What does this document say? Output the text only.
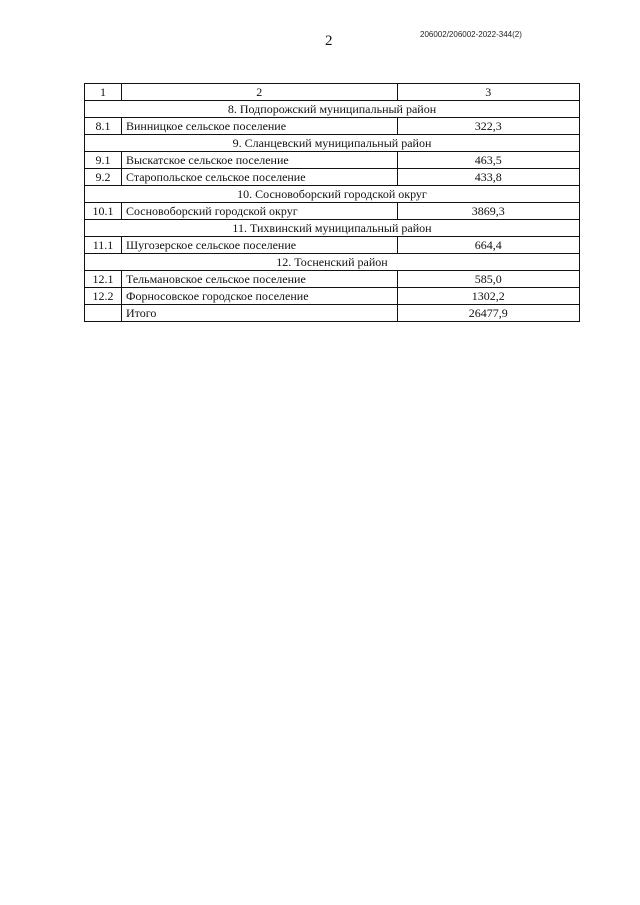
206002/206002-2022-344(2)
2
1	2	3
8. Подпорожский муниципальный район		
8.1	Винницкое сельское поселение	322,3
9. Сланцевский муниципальный район		
9.1	Выскатское сельское поселение	463,5
9.2	Старопольское сельское поселение	433,8
10. Сосновоборский городской округ		
10.1	Сосновоборский городской округ	3869,3
11. Тихвинский муниципальный район		
11.1	Шугозерское сельское поселение	664,4
12. Тосненский район		
12.1	Тельмановское сельское поселение	585,0
12.2	Форносовское городское поселение	1302,2
	Итого	26477,9
